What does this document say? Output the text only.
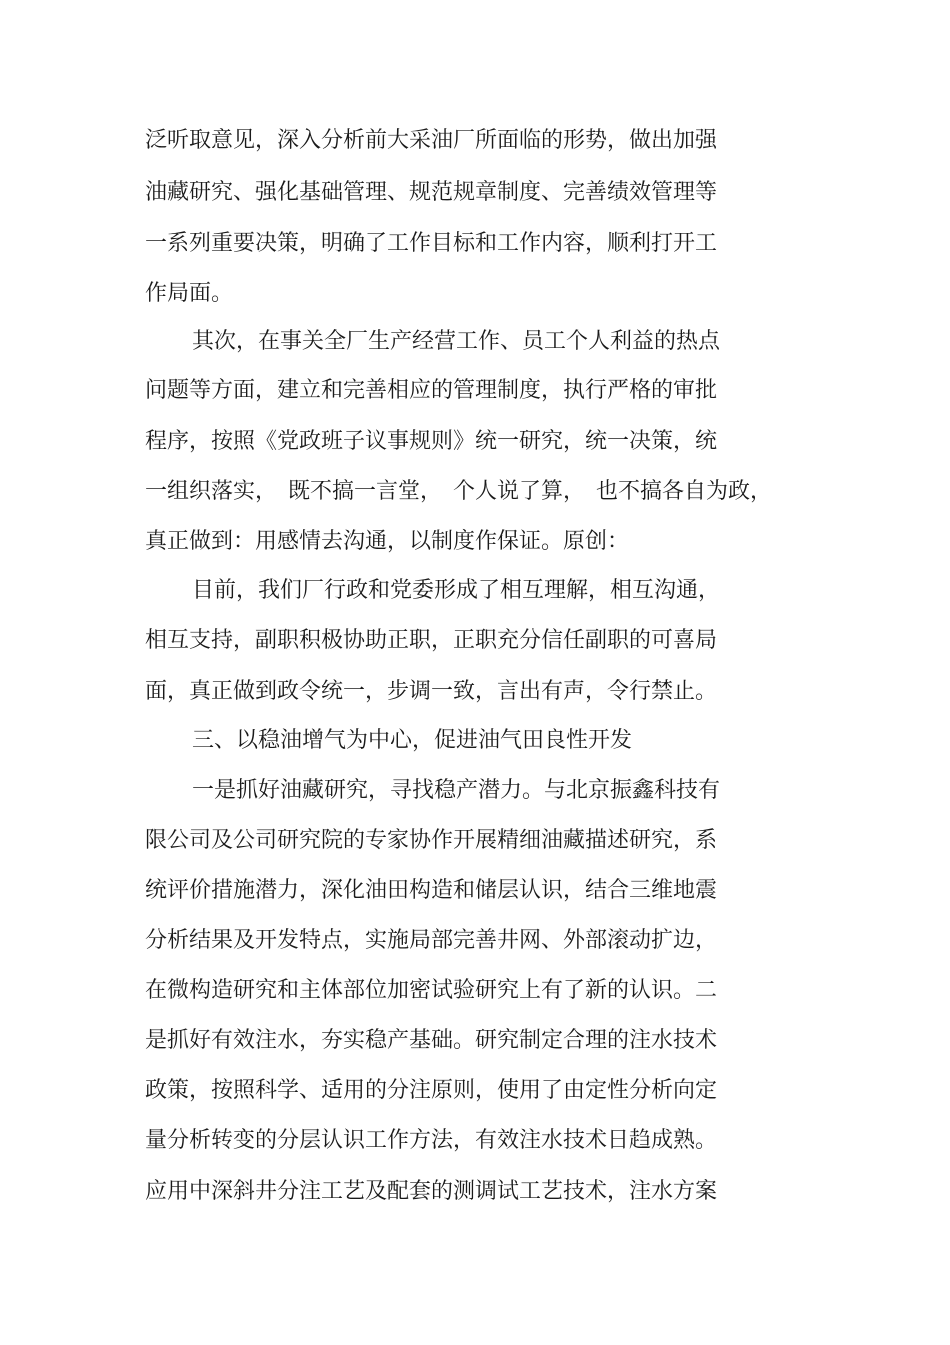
泛听取意见，深入分析前大采油厂所面临的形势，做出加强

油藏研究、强化基础管理、规范规章制度、完善绩效管理等

一系列重要决策，明确了工作目标和工作内容，顺利打开工

作局面。

其次，在事关全厂生产经营工作、员工个人利益的热点

问题等方面，建立和完善相应的管理制度，执行严格的审批

程序，按照《党政班子议事规则》统一研究，统一决策，统

一组织落实，　既不搞一言堂，　个人说了算，　也不搞各自为政，

真正做到：用感情去沟通，以制度作保证。原创：

目前，我们厂行政和党委形成了相互理解，相互沟通，

相互支持，副职积极协助正职，正职充分信任副职的可喜局

面，真正做到政令统一，步调一致，言出有声，令行禁止。

三、以稳油增气为中心，促进油气田良性开发

一是抓好油藏研究，寻找稳产潜力。与北京振鑫科技有

限公司及公司研究院的专家协作开展精细油藏描述研究，系

统评价措施潜力，深化油田构造和储层认识，结合三维地震

分析结果及开发特点，实施局部完善井网、外部滚动扩边，

在微构造研究和主体部位加密试验研究上有了新的认识。二

是抓好有效注水，夯实稳产基础。研究制定合理的注水技术

政策，按照科学、适用的分注原则，使用了由定性分析向定

量分析转变的分层认识工作方法，有效注水技术日趋成熟。

应用中深斜井分注工艺及配套的测调试工艺技术，注水方案
